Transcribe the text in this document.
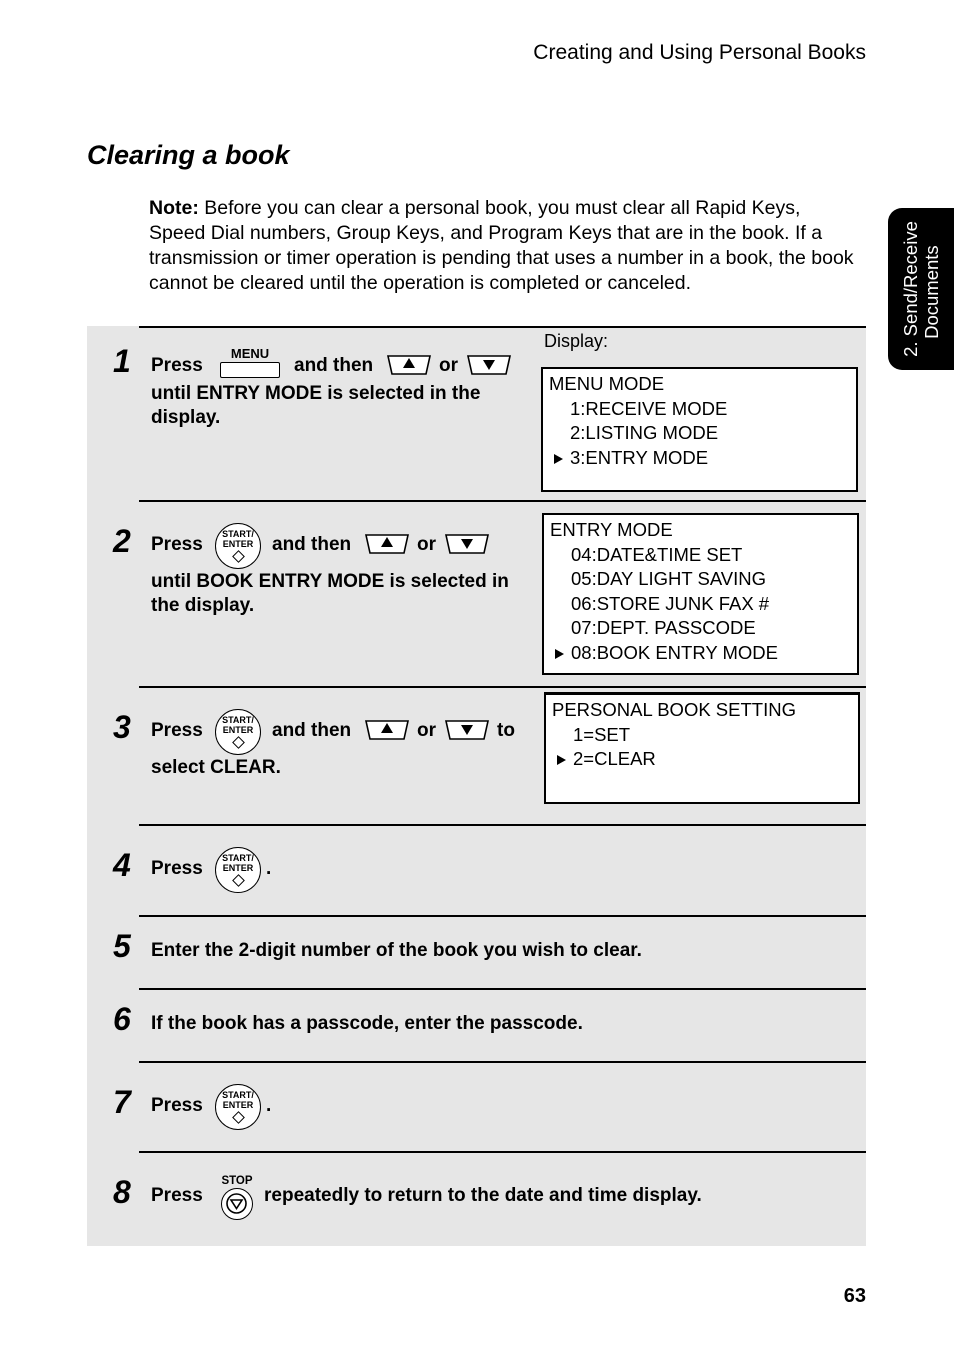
Creating and Using Personal Books
2. Send/Receive Documents
Clearing a book
Note: Before you can clear a personal book, you must clear all Rapid Keys, Speed Dial numbers, Group Keys, and Program Keys that are in the book. If a transmission or timer operation is pending that uses a number in a book, the book cannot be cleared until the operation is completed or canceled.
Display:
1 Press
MENU
and then	or
until ENTRY MODE is selected in the display.
MENU MODE
1:RECEIVE MODE
2:LISTING MODE
3:ENTRY MODE
2 Press	START/
ENTER and then	or
until BOOK ENTRY MODE is selected in the display.
ENTRY MODE
04:DATE&TIME SET
05:DAY LIGHT SAVING
06:STORE JUNK FAX #
07:DEPT. PASSCODE
08:BOOK ENTRY MODE
3 Press	START/
ENTER and then	or	to
select CLEAR.
PERSONAL BOOK SETTING
1=SET
2=CLEAR
4 Press	START/
ENTER .
5 Enter the 2-digit number of the book you wish to clear.
6 If the book has a passcode, enter the passcode.
7 Press	START/
ENTER .
8 Press
STOP
repeatedly to return to the date and time display.
63
